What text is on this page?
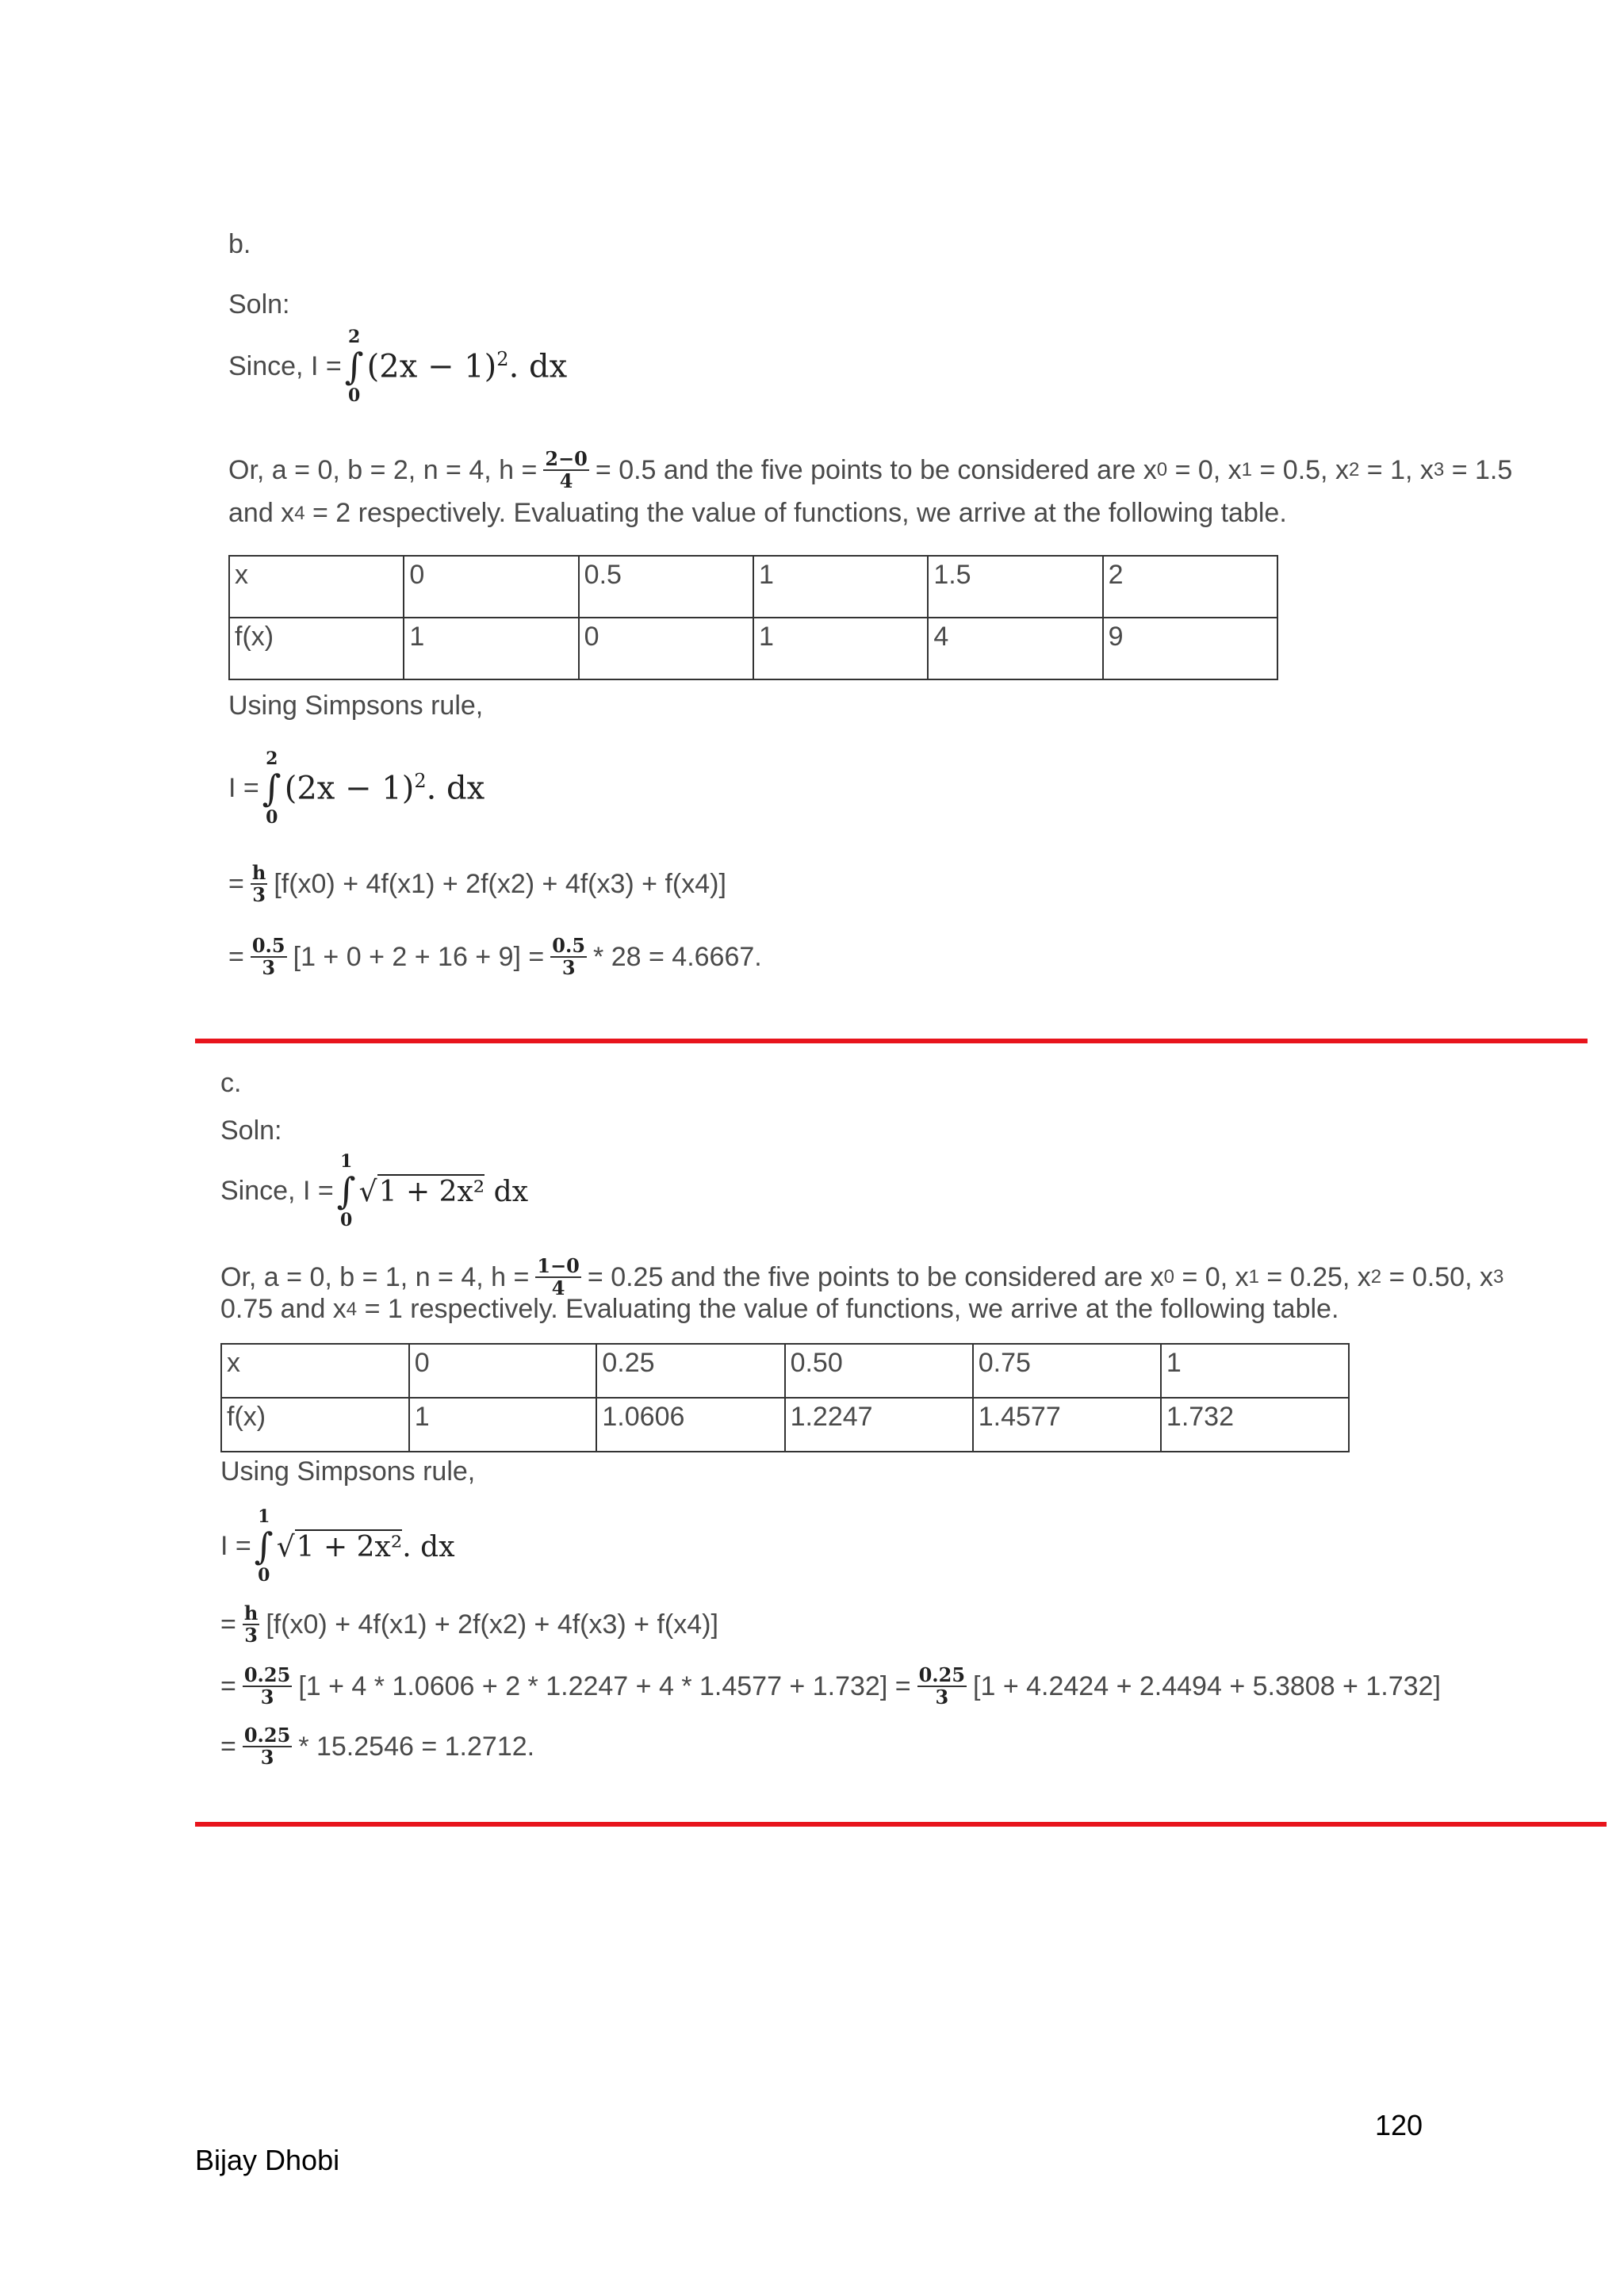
b.
Soln:
Since, I =
2
∫
0
$(2x - 1)^2$. dx
Or, a = 0, b = 2, n = 4, $h = \frac{2-0}{4} = 0.5$ and the five points to be considered are x 0
= 0, x 1
= 0.5, x 2
= 1, x 3
= 1.5
and x 4
= 2 respectively. Evaluating the value of functions, we arrive at the following table.
x	0	0.5	1	1.5	2
f(x)	1	0	1	4	9
Using Simpsons rule,
I =
2
∫
0
$(2x - 1)^2$. dx
= $\frac{h}{3} [f(x0) + 4f(x1) + 2f(x2) + 4f(x3) + f(x4)]$
= $\frac{0.5}{3} [1 + 0 + 2 + 16 + 9] = \frac{0.5}{3} * 28 = 4.6667$.
c.
Soln:
Since, I =
1
∫
0
√1 + 2x² dx
Or, a = 0, b = 1, n = 4, $h = \frac{1-0}{4} = 0.25$ and the five points to be considered are x 0
= 0, x 1
= 0.25, x 2
= 0.50, x 3
0.75 and x 4
= 1 respectively. Evaluating the value of functions, we arrive at the following table.
x	0	0.25	0.50	0.75	1
f(x)	1	1.0606	1.2247	1.4577	1.732
Using Simpsons rule,
I =
1
∫
0
√1 + 2x². dx
= $\frac{h}{3} [f(x0) + 4f(x1) + 2f(x2) + 4f(x3) + f(x4)]$
= $\frac{0.25}{3} [1 + 4 * 1.0606 + 2 * 1.2247 + 4 * 1.4577 + 1.732] = \frac{0.25}{3} [1 + 4.2424 + 2.4494 + 5.3808 + 1.732]$
= $\frac{0.25}{3} * 15.2546 = 1.2712$.
120
Bijay Dhobi
